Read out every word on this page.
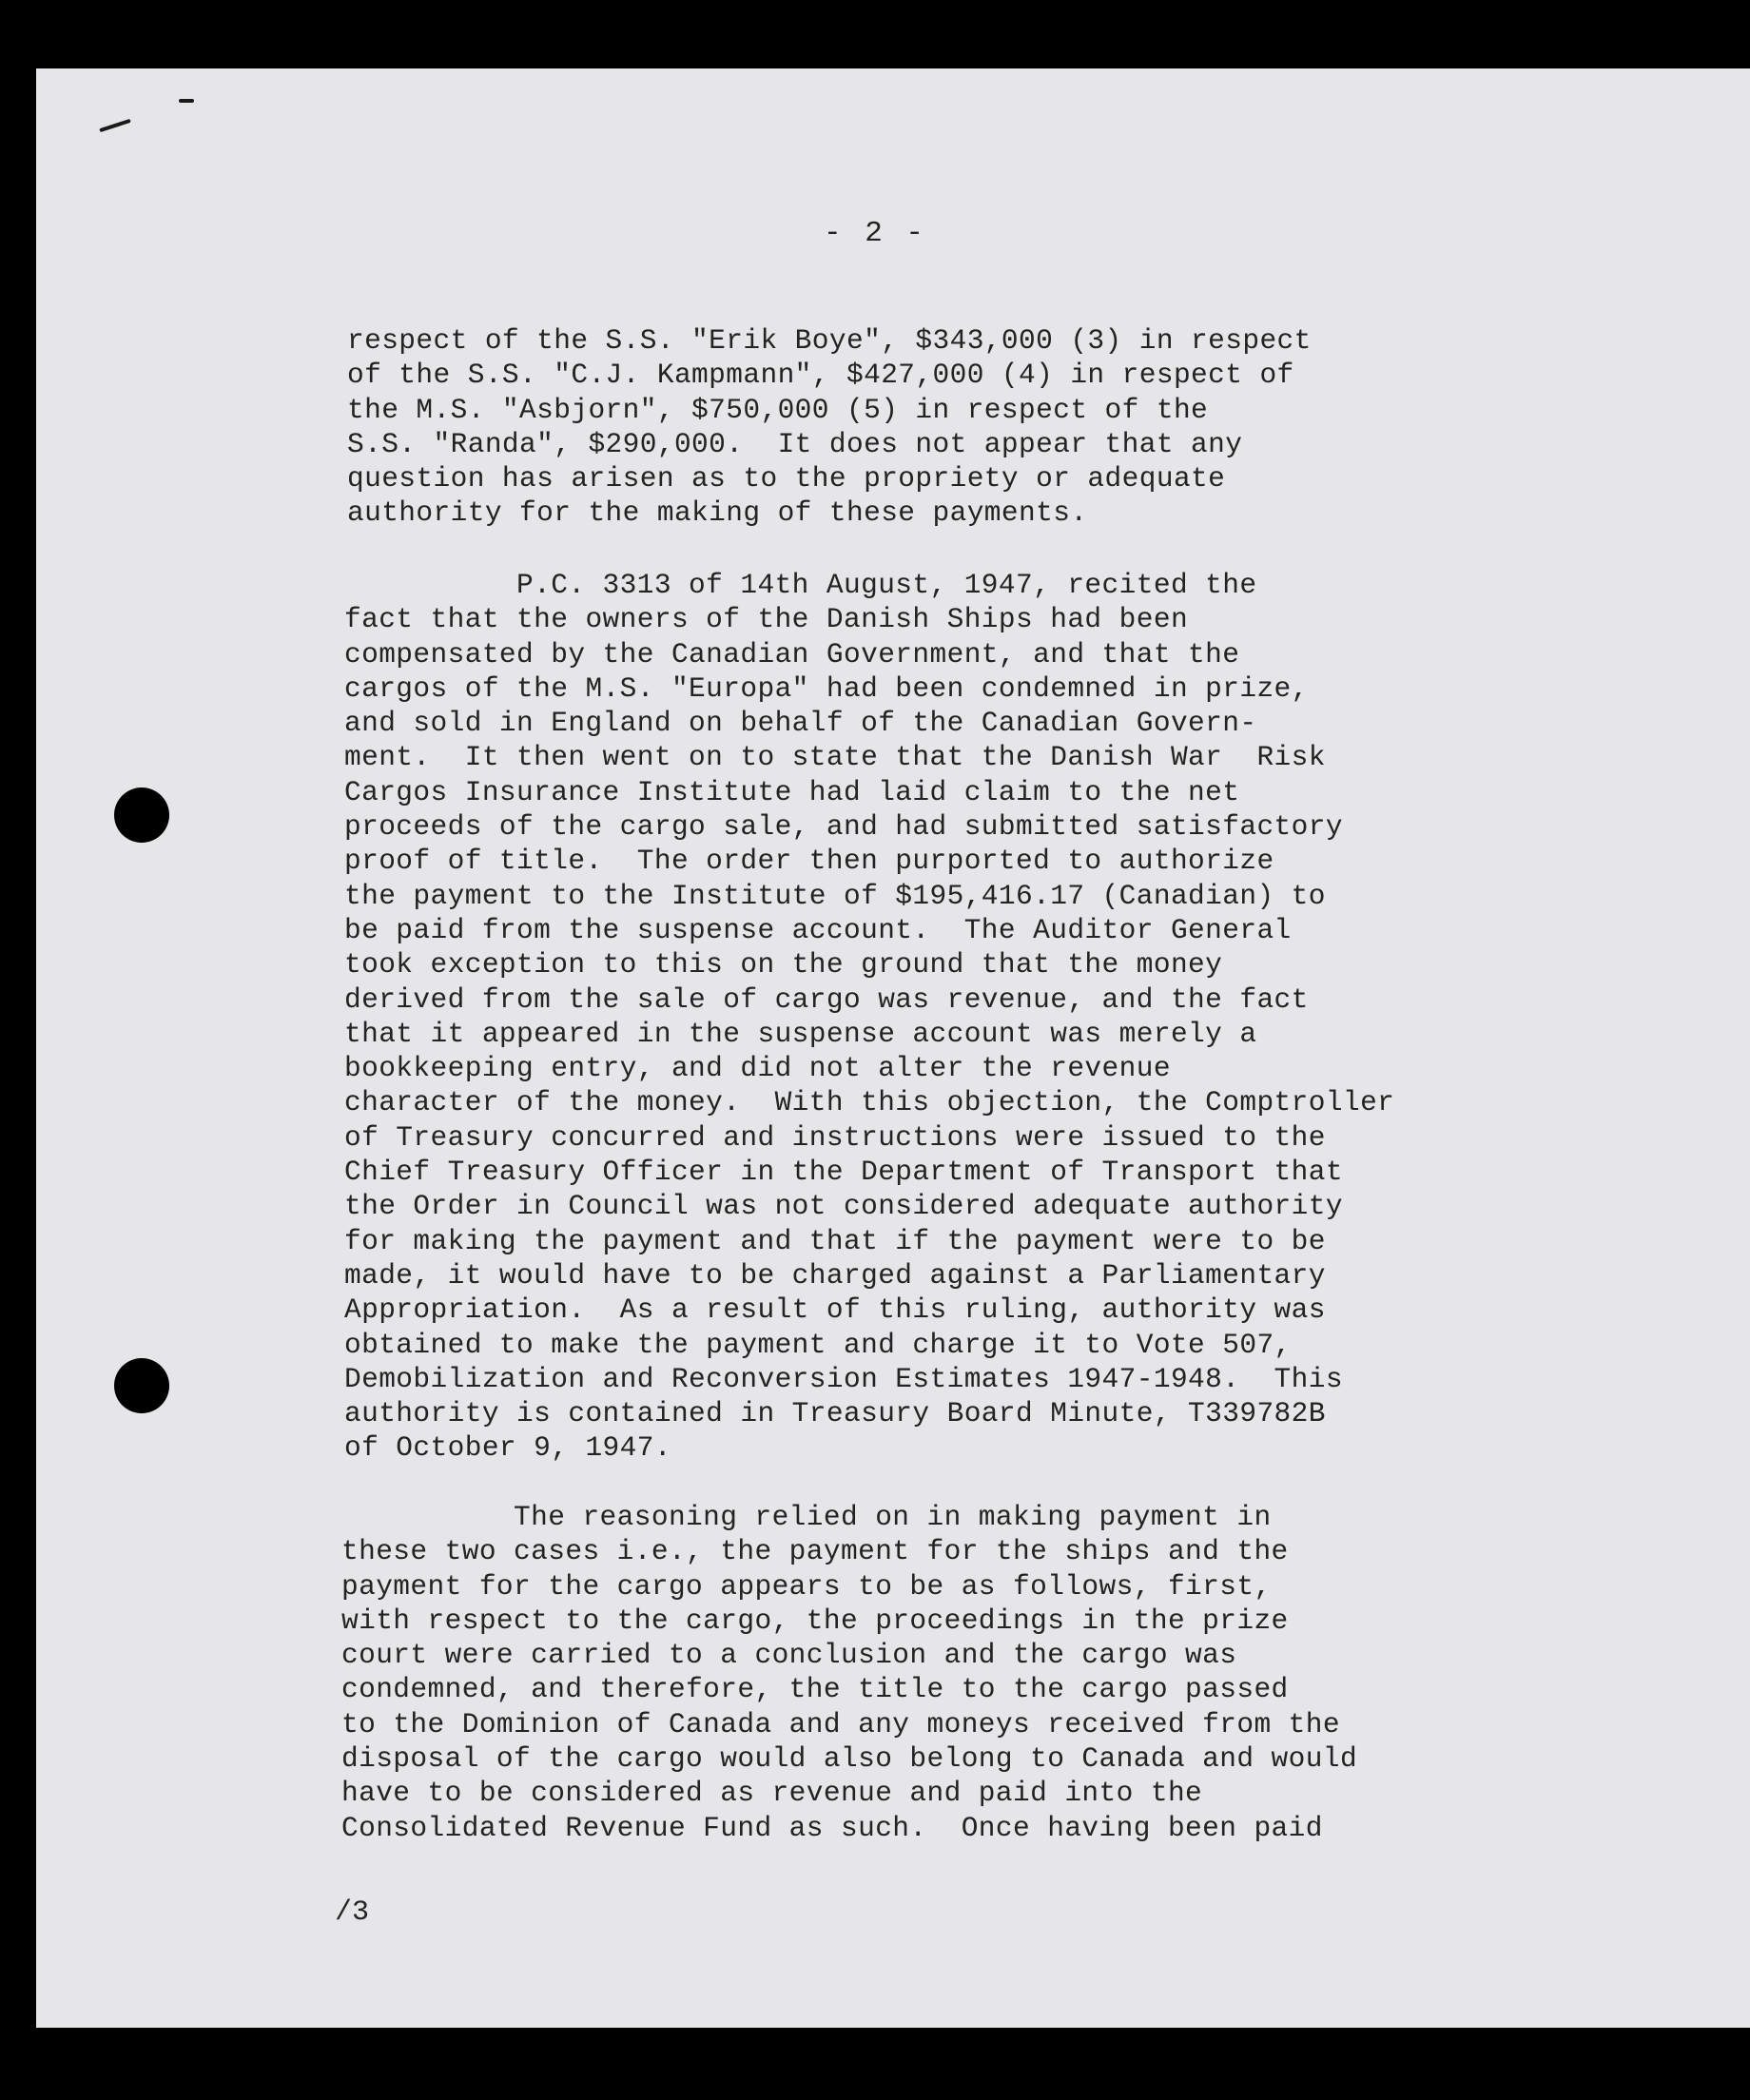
- 2 -
respect of the S.S. "Erik Boye", $343,000 (3) in respect
of the S.S. "C.J. Kampmann", $427,000 (4) in respect of
the M.S. "Asbjorn", $750,000 (5) in respect of the
S.S. "Randa", $290,000.  It does not appear that any
question has arisen as to the propriety or adequate
authority for the making of these payments.
P.C. 3313 of 14th August, 1947, recited the
fact that the owners of the Danish Ships had been
compensated by the Canadian Government, and that the
cargos of the M.S. "Europa" had been condemned in prize,
and sold in England on behalf of the Canadian Govern-
ment.  It then went on to state that the Danish War  Risk
Cargos Insurance Institute had laid claim to the net
proceeds of the cargo sale, and had submitted satisfactory
proof of title.  The order then purported to authorize
the payment to the Institute of $195,416.17 (Canadian) to
be paid from the suspense account.  The Auditor General
took exception to this on the ground that the money
derived from the sale of cargo was revenue, and the fact
that it appeared in the suspense account was merely a
bookkeeping entry, and did not alter the revenue
character of the money.  With this objection, the Comptroller
of Treasury concurred and instructions were issued to the
Chief Treasury Officer in the Department of Transport that
the Order in Council was not considered adequate authority
for making the payment and that if the payment were to be
made, it would have to be charged against a Parliamentary
Appropriation.  As a result of this ruling, authority was
obtained to make the payment and charge it to Vote 507,
Demobilization and Reconversion Estimates 1947-1948.  This
authority is contained in Treasury Board Minute, T339782B
of October 9, 1947.
The reasoning relied on in making payment in
these two cases i.e., the payment for the ships and the
payment for the cargo appears to be as follows, first,
with respect to the cargo, the proceedings in the prize
court were carried to a conclusion and the cargo was
condemned, and therefore, the title to the cargo passed
to the Dominion of Canada and any moneys received from the
disposal of the cargo would also belong to Canada and would
have to be considered as revenue and paid into the
Consolidated Revenue Fund as such.  Once having been paid
/3
